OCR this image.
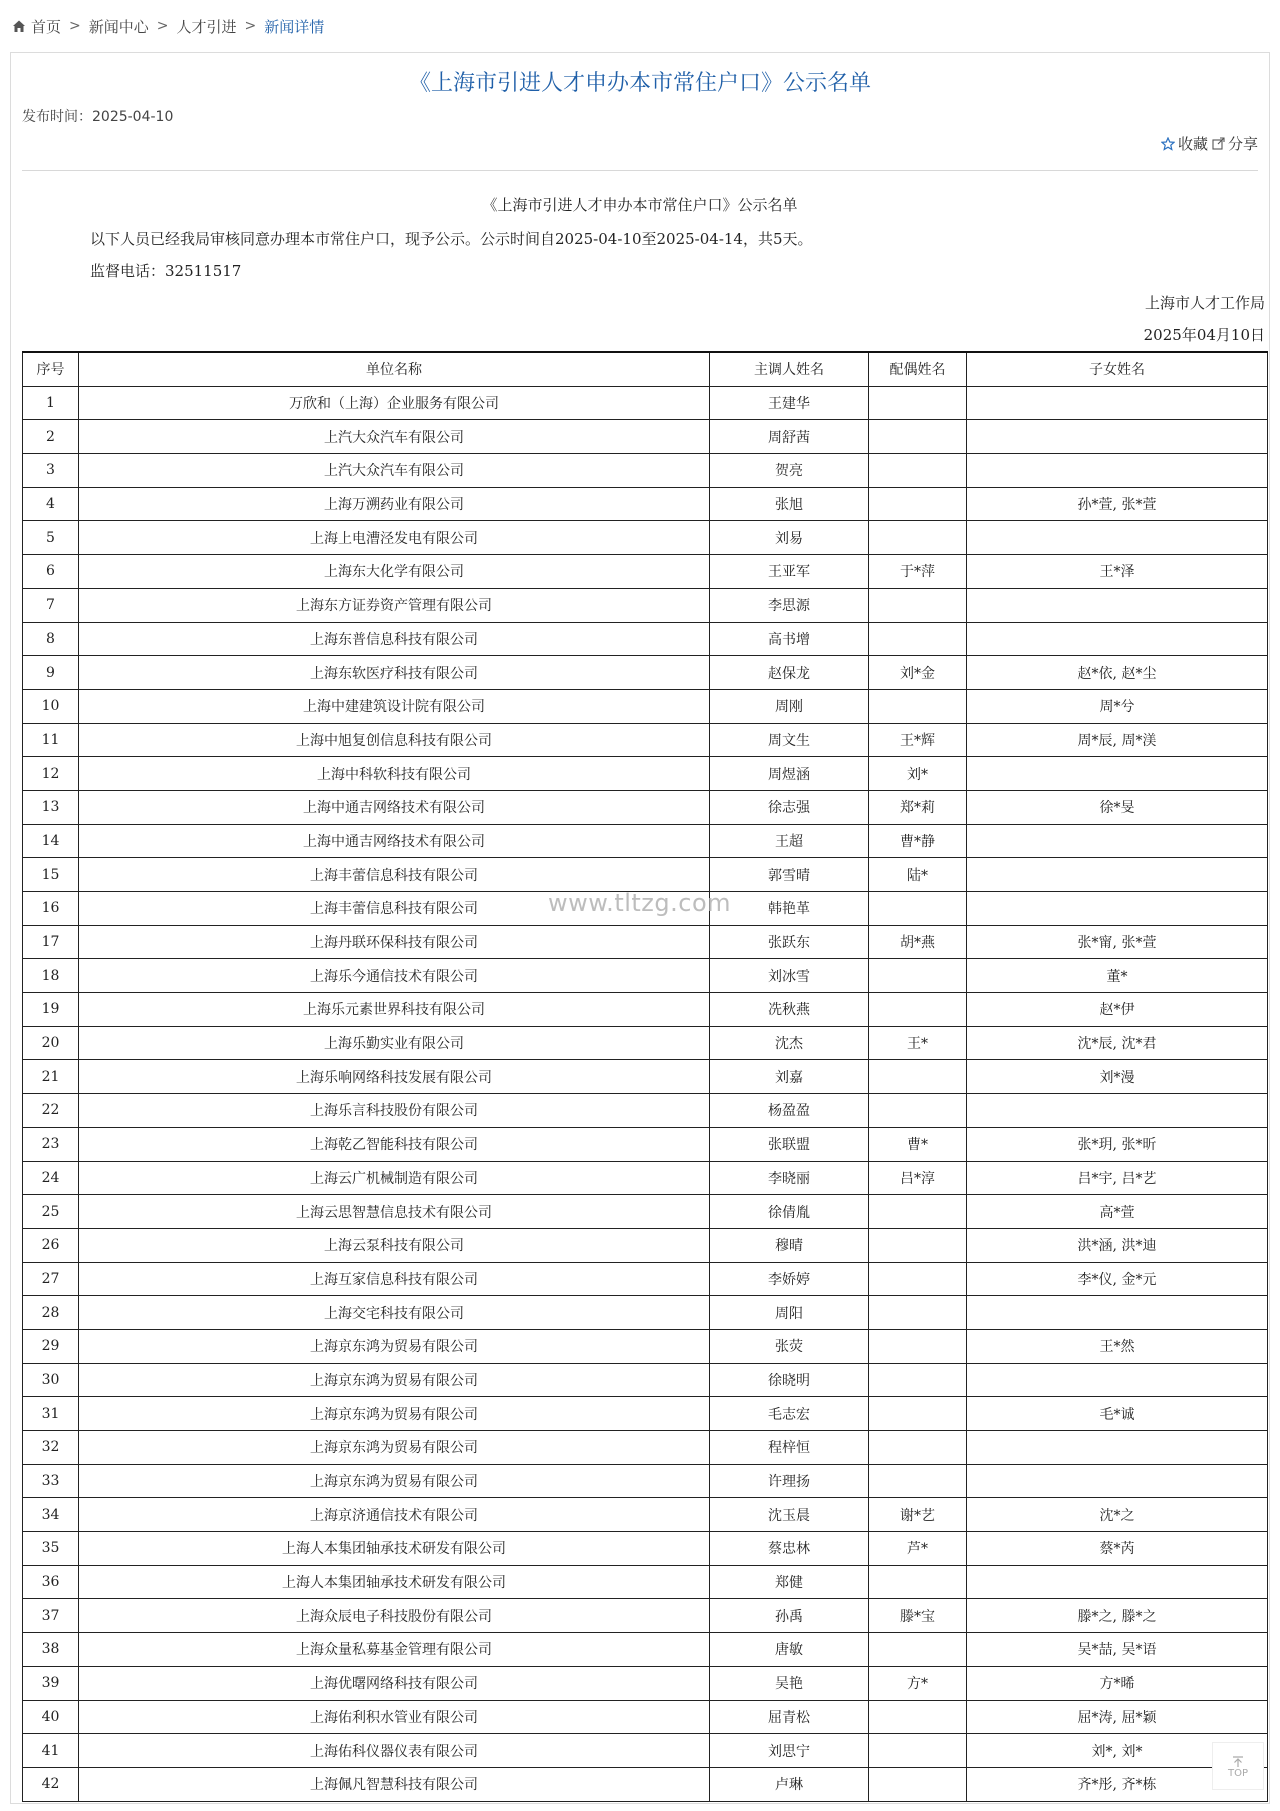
首页 > 新闻中心 > 人才引进 > 新闻详情
《上海市引进人才申办本市常住户口》公示名单
发布时间：2025-04-10
收藏 分享
《上海市引进人才申办本市常住户口》公示名单
以下人员已经我局审核同意办理本市常住户口，现予公示。公示时间自2025-04-10至2025-04-14，共5天。
监督电话：32511517
上海市人才工作局
2025年04月10日
序号	单位名称	主调人姓名	配偶姓名	子女姓名
1	万欣和（上海）企业服务有限公司	王建华		
2	上汽大众汽车有限公司	周舒茜		
3	上汽大众汽车有限公司	贺亮		
4	上海万溯药业有限公司	张旭		孙*萱, 张*萱
5	上海上电漕泾发电有限公司	刘易		
6	上海东大化学有限公司	王亚军	于*萍	王*泽
7	上海东方证券资产管理有限公司	李思源		
8	上海东普信息科技有限公司	高书增		
9	上海东软医疗科技有限公司	赵保龙	刘*金	赵*依, 赵*尘
10	上海中建建筑设计院有限公司	周刚		周*兮
11	上海中旭复创信息科技有限公司	周文生	王*辉	周*辰, 周*渼
12	上海中科软科技有限公司	周煜涵	刘*	
13	上海中通吉网络技术有限公司	徐志强	郑*莉	徐*旻
14	上海中通吉网络技术有限公司	王超	曹*静	
15	上海丰蕾信息科技有限公司	郭雪晴	陆*	
16	上海丰蕾信息科技有限公司	韩艳革		
17	上海丹联环保科技有限公司	张跃东	胡*燕	张*甯, 张*萱
18	上海乐今通信技术有限公司	刘冰雪		董*
19	上海乐元素世界科技有限公司	冼秋燕		赵*伊
20	上海乐勤实业有限公司	沈杰	王*	沈*辰, 沈*君
21	上海乐响网络科技发展有限公司	刘嘉		刘*漫
22	上海乐言科技股份有限公司	杨盈盈		
23	上海乾乙智能科技有限公司	张联盟	曹*	张*玥, 张*昕
24	上海云广机械制造有限公司	李晓丽	吕*淳	吕*宇, 吕*艺
25	上海云思智慧信息技术有限公司	徐倩胤		高*萱
26	上海云泵科技有限公司	穆晴		洪*涵, 洪*迪
27	上海互家信息科技有限公司	李娇婷		李*仪, 金*元
28	上海交宅科技有限公司	周阳		
29	上海京东鸿为贸易有限公司	张荧		王*然
30	上海京东鸿为贸易有限公司	徐晓明		
31	上海京东鸿为贸易有限公司	毛志宏		毛*诚
32	上海京东鸿为贸易有限公司	程梓恒		
33	上海京东鸿为贸易有限公司	许理扬		
34	上海京济通信技术有限公司	沈玉晨	谢*艺	沈*之
35	上海人本集团轴承技术研发有限公司	蔡忠林	芦*	蔡*芮
36	上海人本集团轴承技术研发有限公司	郑健		
37	上海众辰电子科技股份有限公司	孙禹	滕*宝	滕*之, 滕*之
38	上海众量私募基金管理有限公司	唐敏		吴*喆, 吴*语
39	上海优曙网络科技有限公司	吴艳	方*	方*晞
40	上海佑利积水管业有限公司	屈青松		屈*涛, 屈*颖
41	上海佑科仪器仪表有限公司	刘思宁		刘*, 刘*
42	上海佩凡智慧科技有限公司	卢琳		齐*彤, 齐*栋
www.tltzg.com
TOP
